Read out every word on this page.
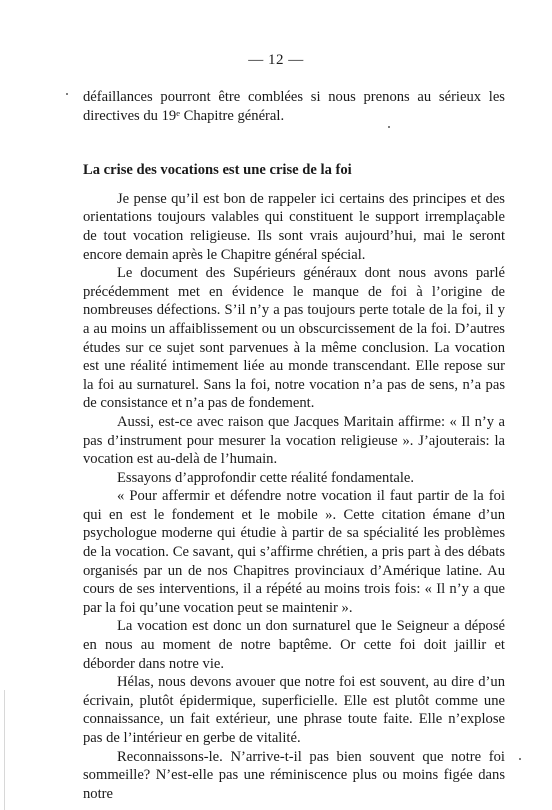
— 12 —

défaillances pourront être comblées si nous prenons au sérieux les directives du 19ᵉ Chapitre général.

La crise des vocations est une crise de la foi

Je pense qu’il est bon de rappeler ici certains des principes et des orientations toujours valables qui constituent le support irremplaçable de tout vocation religieuse. Ils sont vrais aujourd’hui, mai le seront encore demain après le Chapitre général spécial.

Le document des Supérieurs généraux dont nous avons parlé précédemment met en évidence le manque de foi à l’origine de nombreuses défections. S’il n’y a pas toujours perte totale de la foi, il y a au moins un affaiblissement ou un obscurcissement de la foi. D’autres études sur ce sujet sont parvenues à la même conclusion. La vocation est une réalité intimement liée au monde transcendant. Elle repose sur la foi au surnaturel. Sans la foi, notre vocation n’a pas de sens, n’a pas de consistance et n’a pas de fondement.

Aussi, est-ce avec raison que Jacques Maritain affirme: « Il n’y a pas d’instrument pour mesurer la vocation religieuse ». J’ajouterais: la vocation est au-delà de l’humain.

Essayons d’approfondir cette réalité fondamentale.

« Pour affermir et défendre notre vocation il faut partir de la foi qui en est le fondement et le mobile ». Cette citation émane d’un psychologue moderne qui étudie à partir de sa spécialité les problèmes de la vocation. Ce savant, qui s’affirme chrétien, a pris part à des débats organisés par un de nos Chapitres provinciaux d’Amérique latine. Au cours de ses interventions, il a répété au moins trois fois: « Il n’y a que par la foi qu’une vocation peut se maintenir ».

La vocation est donc un don surnaturel que le Seigneur a déposé en nous au moment de notre baptême. Or cette foi doit jaillir et déborder dans notre vie.

Hélas, nous devons avouer que notre foi est souvent, au dire d’un écrivain, plutôt épidermique, superficielle. Elle est plutôt comme une connaissance, un fait extérieur, une phrase toute faite. Elle n’explose pas de l’intérieur en gerbe de vitalité.

Reconnaissons-le. N’arrive-t-il pas bien souvent que notre foi sommeille? N’est-elle pas une réminiscence plus ou moins figée dans notre
